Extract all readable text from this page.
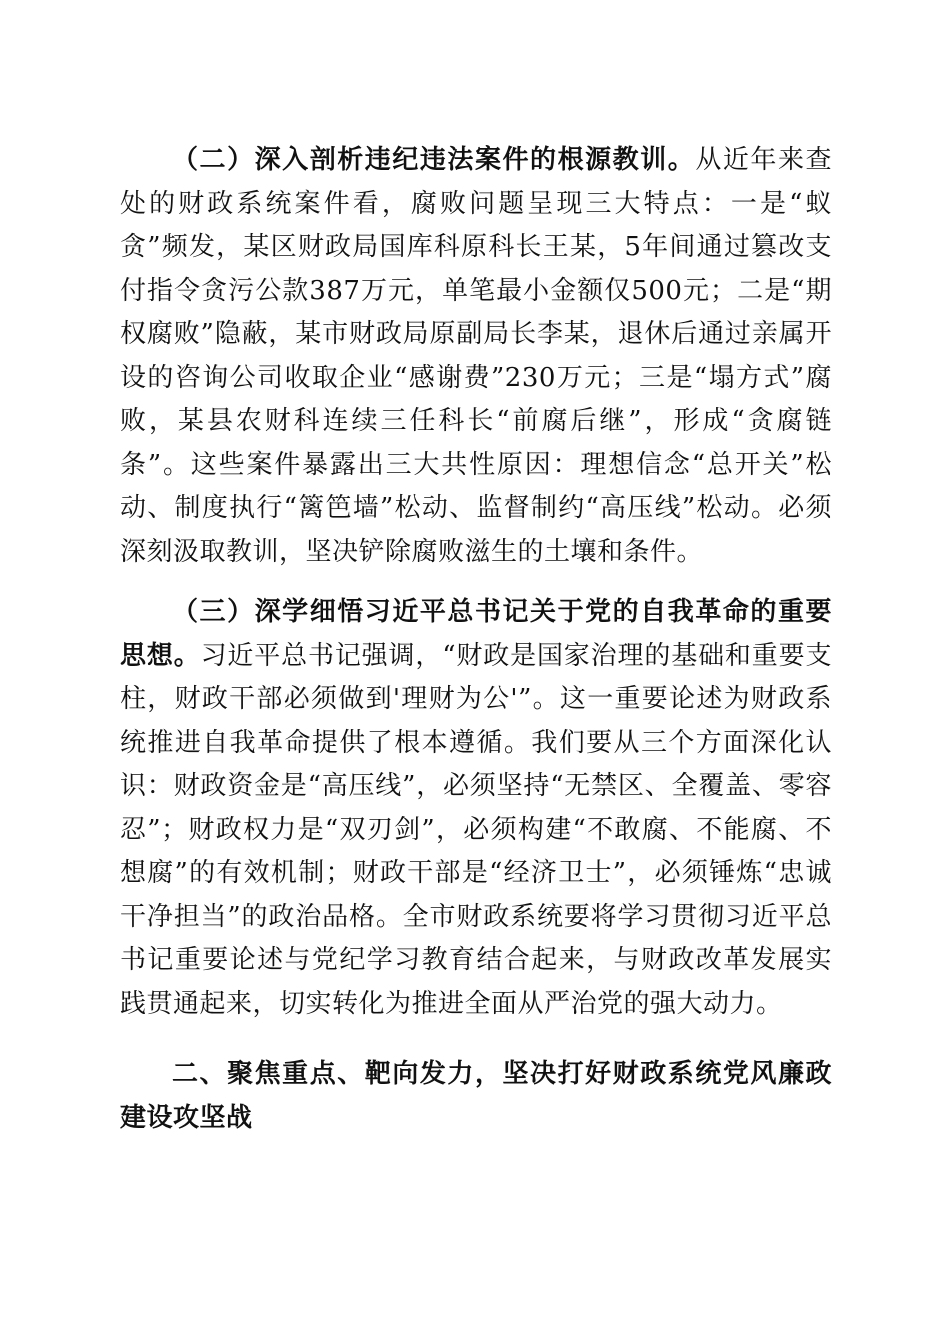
（二）深入剖析违纪违法案件的根源教训。从近年来查处的财政系统案件看，腐败问题呈现三大特点：一是“蚁贪”频发，某区财政局国库科原科长王某，5年间通过篡改支付指令贪污公款387万元，单笔最小金额仅500元；二是“期权腐败”隐蔽，某市财政局原副局长李某，退休后通过亲属开设的咨询公司收取企业“感谢费”230万元；三是“塌方式”腐败，某县农财科连续三任科长“前腐后继”，形成“贪腐链条”。这些案件暴露出三大共性原因：理想信念“总开关”松动、制度执行“篱笆墙”松动、监督制约“高压线”松动。必须深刻汲取教训，坚决铲除腐败滋生的土壤和条件。

（三）深学细悟习近平总书记关于党的自我革命的重要思想。习近平总书记强调，“财政是国家治理的基础和重要支柱，财政干部必须做到'理财为公'”。这一重要论述为财政系统推进自我革命提供了根本遵循。我们要从三个方面深化认识：财政资金是“高压线”，必须坚持“无禁区、全覆盖、零容忍”；财政权力是“双刃剑”，必须构建“不敢腐、不能腐、不想腐”的有效机制；财政干部是“经济卫士”，必须锤炼“忠诚干净担当”的政治品格。全市财政系统要将学习贯彻习近平总书记重要论述与党纪学习教育结合起来，与财政改革发展实践贯通起来，切实转化为推进全面从严治党的强大动力。

二、聚焦重点、靶向发力，坚决打好财政系统党风廉政建设攻坚战
